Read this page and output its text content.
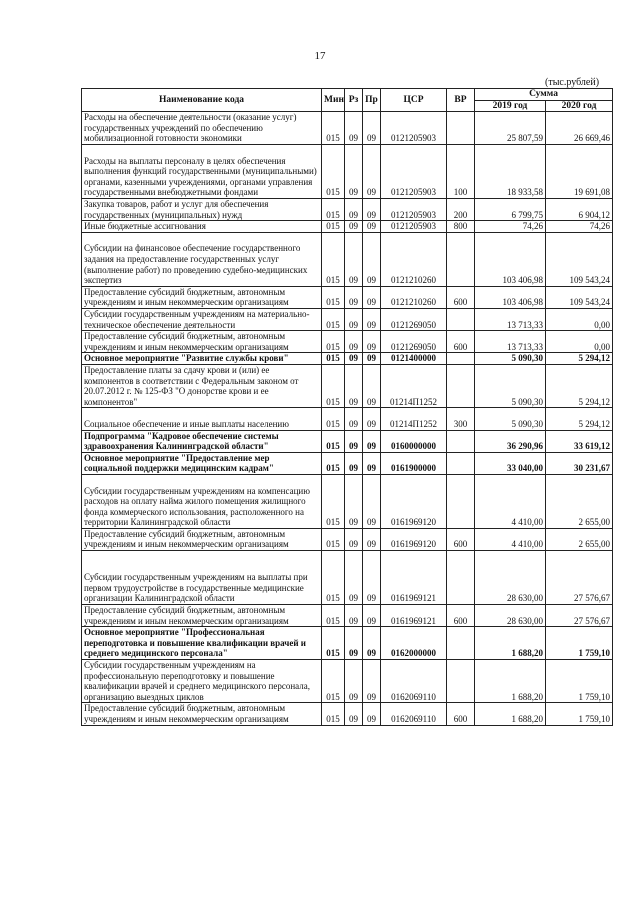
17
(тыс.рублей)
Наименование кода	Мин	Рз	Пр	ЦСР	ВР	Сумма	
						2019 год	2020 год
Расходы на обеспечение деятельности (оказание услуг) государственных учреждений по обеспечению мобилизационной готовности экономики	015	09	09	0121205903		25 807,59	26 669,46
Расходы на выплаты персоналу в целях обеспечения выполнения функций государственными (муниципальными) органами, казенными учреждениями, органами управления государственными внебюджетными фондами	015	09	09	0121205903	100	18 933,58	19 691,08
Закупка товаров, работ и услуг для обеспечения государственных (муниципальных) нужд	015	09	09	0121205903	200	6 799,75	6 904,12
Иные бюджетные ассигнования	015	09	09	0121205903	800	74,26	74,26
Субсидии на финансовое обеспечение государственного задания на предоставление государственных услуг (выполнение работ) по проведению судебно-медицинских экспертиз	015	09	09	0121210260		103 406,98	109 543,24
Предоставление субсидий бюджетным, автономным учреждениям и иным некоммерческим организациям	015	09	09	0121210260	600	103 406,98	109 543,24
Субсидии государственным учреждениям на материально-техническое обеспечение деятельности	015	09	09	0121269050		13 713,33	0,00
Предоставление субсидий бюджетным, автономным учреждениям и иным некоммерческим организациям	015	09	09	0121269050	600	13 713,33	0,00
Основное мероприятие "Развитие службы крови"	015	09	09	0121400000		5 090,30	5 294,12
Предоставление платы за сдачу крови и (или) ее компонентов в соответствии с Федеральным законом от 20.07.2012 г. № 125-ФЗ "О донорстве крови и ее компонентов"	015	09	09	01214П1252		5 090,30	5 294,12
Социальное обеспечение и иные выплаты населению	015	09	09	01214П1252	300	5 090,30	5 294,12
Подпрограмма "Кадровое обеспечение системы здравоохранения Калининградской области"	015	09	09	0160000000		36 290,96	33 619,12
Основное мероприятие "Предоставление мер социальной поддержки медицинским кадрам"	015	09	09	0161900000		33 040,00	30 231,67
Субсидии государственным учреждениям на компенсацию расходов на оплату найма жилого помещения жилищного фонда коммерческого использования, расположенного на территории Калининградской области	015	09	09	0161969120		4 410,00	2 655,00
Предоставление субсидий бюджетным, автономным учреждениям и иным некоммерческим организациям	015	09	09	0161969120	600	4 410,00	2 655,00
Субсидии государственным учреждениям на выплаты при первом трудоустройстве в государственные медицинские организации Калининградской области	015	09	09	0161969121		28 630,00	27 576,67
Предоставление субсидий бюджетным, автономным учреждениям и иным некоммерческим организациям	015	09	09	0161969121	600	28 630,00	27 576,67
Основное мероприятие "Профессиональная переподготовка и повышение квалификации врачей и среднего медицинского персонала"	015	09	09	0162000000		1 688,20	1 759,10
Субсидии государственным учреждениям на профессиональную переподготовку и повышение квалификации врачей и среднего медицинского персонала, организацию выездных циклов	015	09	09	0162069110		1 688,20	1 759,10
Предоставление субсидий бюджетным, автономным учреждениям и иным некоммерческим организациям	015	09	09	0162069110	600	1 688,20	1 759,10
